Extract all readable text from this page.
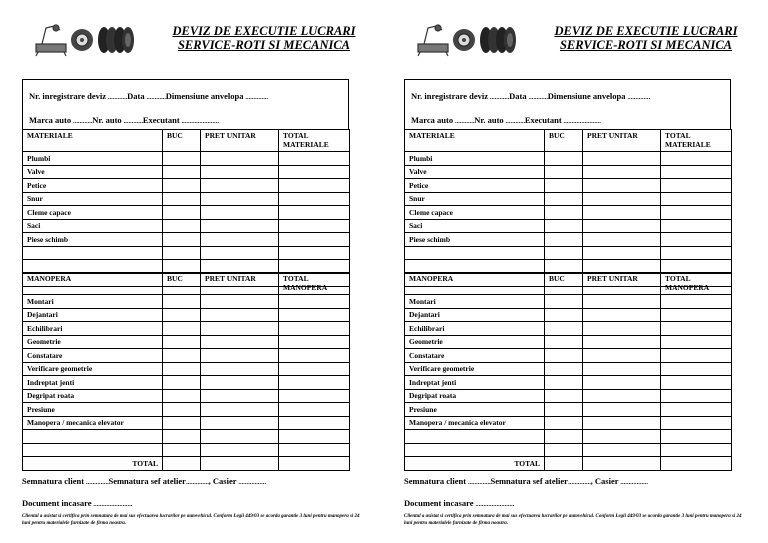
DEVIZ DE EXECUTIE LUCRARI
SERVICE-ROTI SI MECANICA
Nr. inregistrare deviz ............Data ............Dimensiune anvelopa ..............
Marca auto ............Nr. auto ............Executant .......................
MATERIALE	BUC	PRET UNITAR	TOTAL MATERIALE
Plumbi			
Valve			
Petice			
Snur			
Cleme capace			
Saci			
Piese schimb			

MANOPERA	BUC	PRET UNITAR	TOTAL MANOPERA
Montari			
Dejantari			
Echilibrari			
Geometrie			
Constatare			
Verificare geometrie			
Indreptat jenti			
Degripat roata			
Presiune			
Manopera / mecanica elevator			

TOTAL			
Semnatura client ..............Semnatura sef atelier.............., Casier .................
Document incasare ........................
Clientul a asistat si certifica prin semnatura de mai sus efectuarea lucrarilor pe autovehicul. Conform Legii 449/03 se acorda garantie 3 luni pentru manopera si 24 luni pentru materialele furnizate de firma noastra.
DEVIZ DE EXECUTIE LUCRARI
SERVICE-ROTI SI MECANICA
Nr. inregistrare deviz ............Data ............Dimensiune anvelopa ..............
Marca auto ............Nr. auto ............Executant .......................
MATERIALE	BUC	PRET UNITAR	TOTAL MATERIALE
Plumbi			
Valve			
Petice			
Snur			
Cleme capace			
Saci			
Piese schimb			

MANOPERA	BUC	PRET UNITAR	TOTAL MANOPERA
Montari			
Dejantari			
Echilibrari			
Geometrie			
Constatare			
Verificare geometrie			
Indreptat jenti			
Degripat roata			
Presiune			
Manopera / mecanica elevator			

TOTAL			
Semnatura client ..............Semnatura sef atelier.............., Casier .................
Document incasare ........................
Clientul a asistat si certifica prin semnatura de mai sus efectuarea lucrarilor pe autovehicul. Conform Legii 449/03 se acorda garantie 3 luni pentru manopera si 24 luni pentru materialele furnizate de firma noastra.
